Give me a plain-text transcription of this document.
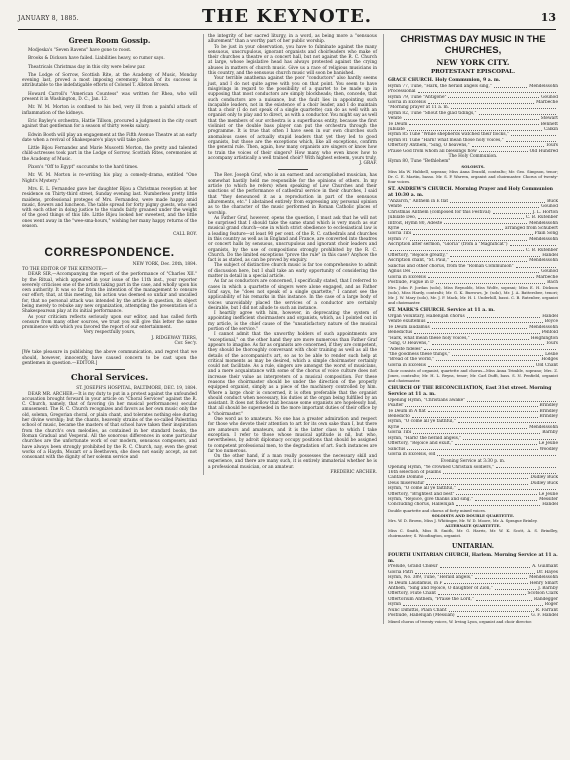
JANUARY 8, 1885.	THE KEYNOTE.	13
Green Room Gossip.

Modjeska's "Seven Ravens" have gone to roost.

Brooks & Dickson have failed. Liabilities heavy, so rumor says.

Theatricals Christmas day in this city were below par.

The Lodge of Sorrow, Scottish Rite, at the Academy of Music, Monday evening last, proved a most imposing ceremony. Much of its success is attributable to the indefatigable efforts of Colonel T. Allston Brown.

Howard Carroll's "American Countess" was written for Rhea, who will present it in Washington, D. C., Jan. 12.

Mr. W. M. Morton is confined to his bed, very ill from a painful attack of inflammation of the kidneys.

Eric Bayley's orchestra, Hattie Tillson, procured a judgment in the city court against that gentleman for a season of thirty weeks salary.

Edwin Booth will play an engagement at the Fifth Avenue Theatre at an early date when a revival of Shakespeare's plays will take place.

Little Bijou Fernandez and Marie Muscetti Morton, the pretty and talented child-actresses took part in the Lodge of Sorrow, Scottish Rites, ceremonies at the Academy of Music.

Pixon's "Off to Egypt" succumbs to the hard times.

Mr. W. M. Morton is re-writing his play, a comedy-drama, entitled "One Night's Mystery."

Mrs. E. L. Fernandez gave her daughter Bijou a Christmas reception at her residence on Thirty-third street, Sunday evening last. Numberless pretty little maidens, professional proteges of Mrs. Fernandez, were made happy amid music, flowers and luncheon. The table spread for forty pigmy guests, who vied with each other in doing justice to the viands fairly groaned under the weight of the good things of this life. Little Bijou looked her sweetest, and the little ones went away in the "wee-sma-hours," wishing her many happy returns of the season.

CALL BOY.

CORRESPONDENCE.

NEW YORK, Dec. 20th, 1884.

TO THE EDITOR OF THE KEYNOTE:—

DEAR SIR,—Accompanying the report of the performance of "Charles XII." by the Ritual, which appeared in your issue of the 11th inst., your reporter severely criticises one of the artists taking part in the case, and wholly upon his own authority. It was so far from the intention of the management to censure our effort; that, at this meeting, his action was deemed so unfair and uncalled for, that no personal attack was intended by the article in question, its object being merely to rebuke any new organization, attempting the presentation of a Shakespearean play at its initial performance.

As your criticism reflects seriously upon our editor, and has called forth censure from many other sources, we trust you will give this letter the same prominence with which you favored the report of our entertainment.

Very respectfully yours,

J. RIDGEWAY TIERS,

Cor. Sec'y.

[We take pleasure in publishing the above communication, and regret that we should, however, innocently, have caused concern to be cast upon the gentlemen in question.—EDITOR.]

Choral Services.

ST. JOSEPH'S HOSPITAL, BALTIMORE, DEC. 19, 1884.

DEAR MR. ARCHER:—It is my duty to put in a protest against the unfounded accusation brought forward in your article on "Choral Services" against the R. C. Church, namely, that of favoring (in her musical performances) secular amusement. The R. C. Church recognizes and favors as her own music only the old, solemn, Gregorian choral, or plain chant, and tolerates nothing else during her divine worship; but the chants, heavenly strains of the so-called Palestrina school of music, became the masters of that school have taken their inspiration from the church's own melodies, as contained in her standard books, the Roman Gradual and Vesperal. All the sonorous differences in some particular churches are the unfortunate work of our modern, sensuous composers, and have always been strongly prohibited by the R. C. Church, nay, even the great works of a Haydn, Mozart or a Beethoven, she does not easily accept, as not consonant with the dignity of her solemn service and

the integrity of her sacred liturgy, in a word, as being more a "sensuous allurement" than a worthy part of her public worship.

To be just in your observation, you have to fulminate against the many sensuous, unscrupulous, ignorant organists and choirleaders who make of their churches a theatre or a concert hall, but not against the R. C. Church at large, whose legislative head has always protested against the crying abuses in matters of church music. Give us a race of religious musicians in this country, and the sensuous church music will soon be banished.

Your terrible anathema against the poor "conductors" also hardly seems just, and I do not quite agree with you on that point. You seem to have misgivings in regard to the possibility of a quartet to be made up in supposing that most conductors are simply blockheads; then, concede, that such conductors are a nuisance, but the fault lies in appointing such incapable leaders, not in the existence of a choir leader, and I do maintain that a choir (I do not speak of a single quartette) can do as well with an organist only to play and to direct, as with a conductor. You might say as well that the members of our orchestra is a superfluous entity, because the first violinist or the double bass player can put the orchestra through the programme. It is true that often I have seen in our own churches such anomalous cases of actually stupid leaders that yet they led to good organists, but those are the exceptions which, like all exceptions, confirm the general rule. Then, again, how many organists are singers or know how to train the voices of their singers? How many who even know how to accompany artistically a well trained choir? With highest esteem, yours truly,

J. GRAF.

The Rev. Joseph Graf, who is an earnest and accomplished musician, has somewhat hastily held me responsible for the opinions of others. In my article (to which he refers) when speaking of Low Churches and their sanctions of the performance of cathedral service in their churches, I said that "they denounced it as a reproduction in part of the sensuous allurements, etc." I abstained entirely from expressing any personal opinion as to the character of the music performed in Roman Catholic places of worship.

As Father Graf, however, opens the question, I must ask that he will not be surprised that I should take the same stand which is very much as our musical grand church—one in which strict obedience to ecclesiastical law is a leading feature—at least 90 per cent. of the R. C. cathedrals and churches in this country as well as in England and France, are converted into theatres or concert halls by sensuous, unscrupulous and ignorant choir leaders and organists, by the use of compositions strongly prohibited by the R. C. Church. Do the limited exceptions "prove the rule" in this case? Anyhow the fact is as stated, as can be proved by enquiry.

The subject of distinctive church music is far too comprehensive to admit of discussion here, but I shall take an early opportunity of considering the matter in detail in a special article.

As far as conductors are concerned, I specifically stated, that I referred to cases in which a quartette of singers were alone engaged, and as Father Graf says, he "does not speak of a single quartette," I cannot see the applicability of his remarks in this instance. In the case of a large body of voices unavoidably placed the services of a conductor are certainly desirable, but I did not allude to such an instance.

I heartily agree with him, however, in deprecating the system of appointing inefficient choirmasters and organists, which, as I pointed out in my article, is the chief cause of the "unsatisfactory nature of the musical portion of the service."

I cannot admit that the unworthy holders of such appointments are "exceptional," on the other hand they are more numerous than Father Graf appears to imagine. As far as organists are concerned, if they are competent, they should be thoroughly conversant with choir training as well as all the details of the accompanist's art, so as to be able to render such help at critical moments as may be desired, which a simple choirmaster certainly could not facilitate. As a rule, singers are amongst the worst of musicians, and a mere acquaintance with some of the chorus of voice culture does not increase their value as interpreters of a musical composition. For these reasons the choirmaster should be under the direction of the properly equipped organist, simply as a piece of the machinery controlled by him. Where a large choir is concerned, it is often preferable that the organist should conduct when necessary, his duties at the organ being fulfilled by an assistant. It does not follow that because some organists are hopelessly bad, that all should be superseded in the more important duties of their office by a "choirmaster."

One word as to amateurs. No one has a greater admiration and respect for those who devote their attention to art for its own sake than I, but there are amateurs and amateurs, and it is the latter class to which I take exception. I refer to those whose musical aptitude is nil, but who, nevertheless, by adroit diplomacy occupy positions that should be assigned to competent professional men, to the degradation of art. Such instances are far too numerous.

On the other hand, if a man really possesses the necessary skill and experience, and there are many such, it is entirely immaterial whether he is a professional musician, or an amateur.

FREDERIC ARCHER.

CHRISTMAS DAY MUSIC IN THE CHURCHES,
NEW YORK CITY.
PROTESTANT EPISCOPAL.
GRACE CHURCH. Holy Communion, 9 a. m.
Hymn 77, Tune, "Hark, the herald angels sing,"	Mendelssohn
Processional
Hymn 79, Tune "Antigone"	Gounod
Gloria in Excelsis	Marbeche
"Morning prayer at 11 a. m.
Hymn 82, Tune "Shout the glad tidings,"
Venite	Stewart
Te Deum	Bennett
Jubilate	Calkin
Hymn 85 Tune "While shepherds watched their flocks,"
Hymn 81 Tune "Hark! what mean those holy voices,"
Offertory Anthem, "Sing, O heavens,"	Tours
Praise God from whom all blessings flow	Old Hundred

The Holy Communion.

Hymn 80, Tune "Bethlehem"

SOLOISTS.

Miss Ida W. Hubbell, soprano; Miss Anna Drasdil, contralto; Mr. Geo. Simpson, tenor; Dr. C. E. Martin, basso. Mr. S. P. Warren, organist and choirmaster. Chorus of twenty-four voices.

ST. ANDREW'S CHURCH. Morning Prayer and Holy Communion at 10:30 a. m.
"Anzarch," Anthem in E flat	Buck
Venite	Gounod
Christmas Anthem (composed for this Festival)	J. L. Horton
Jubilate Deo,	C. B. Rutenber
Introit, Hymn 80, Adeste	Mendelssohn
Kyrie	arranged from Schubert
Gloria Tibi	Plain Song
Hymn 77	Mendelssohn
Ascription after sermon, "Gloria" (from a "Magnificat")
C. B. Rutenber
Offertory, "Rejoice greatly,"	Handel
Ascription chant, "St. Paul,"	Mendelssohn
Sanctus and other chorus, from the "Roman Communion"
Agnus Dei	Gounod
Gloria in Excelsis	Marbeche
Postlude, Fugue in D	Bach

Mrs. John P. Jordan (solo), Miss Reynolds, Miss Wolfe, soprani; Miss E. H. Dickson (solo), Miss Hardy, contralti; Mr. G. K. Burrows, Jr. (solo), Mr. J. A. Battersbee, tenori; Mr. J. W. Mary (solo), Mr. J. F. Mack, Mr. H. I. Underhill, bassi. C. B. Rutenber, organist and choirmaster.

ST. MARK'S CHURCH. Service at 11 a. m.
Organ Voluntary, Hallelujah chorus	Handel
Venite exultemus	Boyce
Te Deum laudamus	Mendelssohn
Benedictus	Penfold
"Hark, what mean these holy voices,"	Heighington
"Sing, O Heavens,"	Tours
"Adeste fideles"
"the goodness these things,"	Leslie
"Bread of the world,"	Hodges
Gloria in Excelsis	Old Chant

Choir consists of organist, quartette and chorus—Miss Anna Trimble, soprano; Mrs. Z. Jones, contralto; Mr. H. L. Reyns, tenor; Mr. Carl Duffi, bass. S. N. Penfield, organist and choirmaster.

CHURCH OF THE RECONCILIATION, East 31st street. Morning Service at 11 a. m.
Opening Hymn, "Christians awake"
Psalter	Brindley
Te Deum in A flat	Brindley
Benedicto	Brindley
Hymn, "O come all ye faithful,"
Kyrie	Mendelssohn
Gloria Tibi	Barnby
Hymn, "Hark! the herald angels,"
Offertory, "Rejoice and exult,"	Le Jeune
Sanctus	Woodley
Gloria in Excelsis, old

Evening Service at 3:30 p. m.

Opening Hymn, "Ye crowned Christian soldiers,"
16th selection of psalms
Cantate Domino	Dudley Buck
Deus misereatur	Dudley Buck
Hymn, "O come all ye faithful,"
Offertory, "Brightest and best"	Le Jeune
Hymn, "Rejoice, give thanks and sing,"	Messiter
Concluding chorus, Hallelujah	Handel

Double quartette and chorus of forty mixed voices.

SOLOISTS AND DOUBLE QUARTETTE.

Mrs. W. D. Brown, Miss J. Whitinger, Mr. W. D. Moore, Mr. A. Sprague Brinley.

ALTERNATE QUARTETTE.

Miss C. Smith, Miss B. Smith, Mr. G. Harris, Mr. W. K. Scott, A. S. Brindley, choirmaster; S. Woodington, organist.

UNITARIAN.
FOURTH UNITARIAN CHURCH, Harlem. Morning Service at 11 a. m.
Prelude, Grand Chœur	A. Guilmant
Gloria Patri	Dr. Hayes
Hymn, No. 389, Tune, "Herald angels,"	Mendelssohn
Te Deum Laudamus, in F	Henry Smart
Anthem, "Sing and rejoice, O daughter of Zion,"	J. Barnby
Offertory, Flute Chant	Scotson Clark
Offertorium Anthem, "Praise the Lord,"	Randegger
Hymn	Roger
Nunc Dimittis, Plain Chant	R. Farrant
Postlude, Hallelujah (Messiah)	G. F. Handel

Mixed chorus of twenty voices, W. Irving Lyon, organist and choir director.
